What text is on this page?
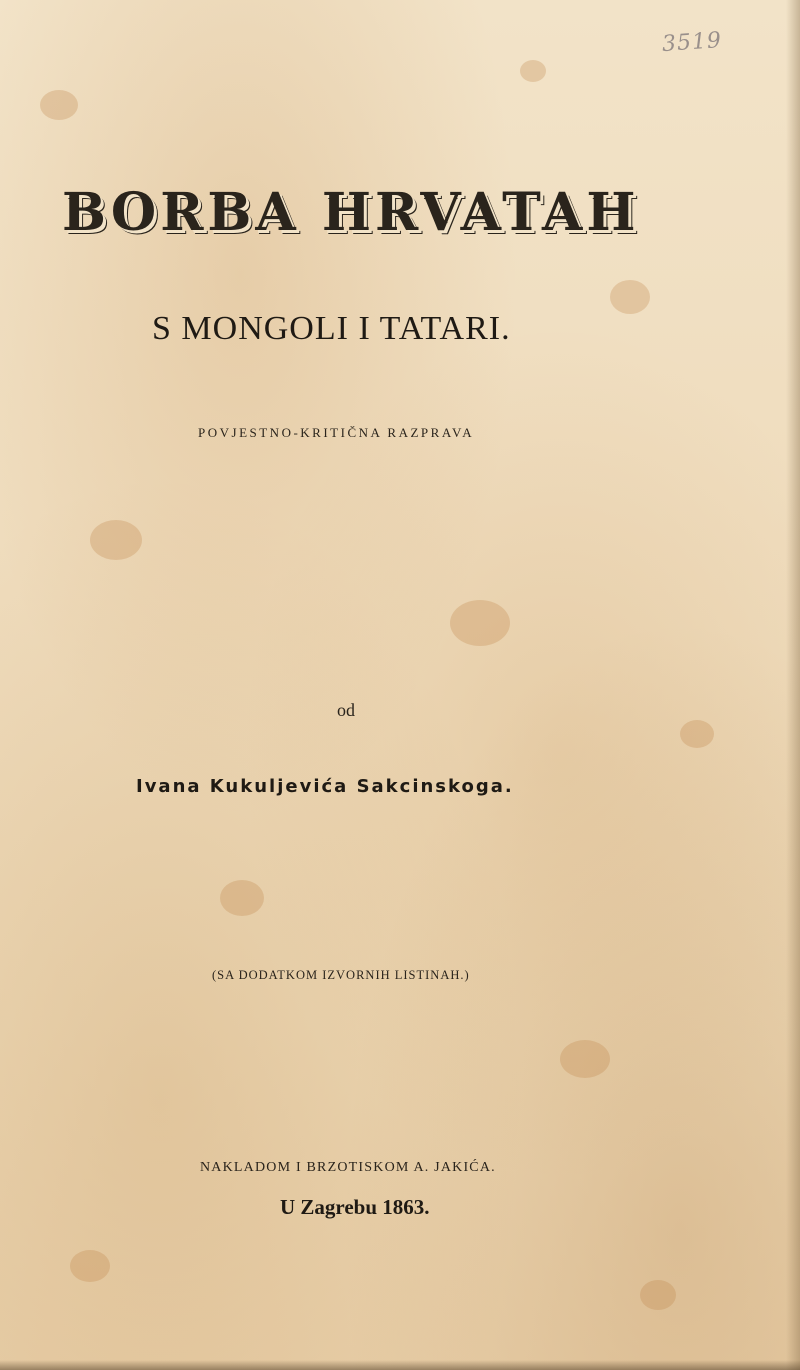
3519
BORBA HRVATAH
S MONGOLI I TATARI.
POVJESTNO-KRITIČNA RAZPRAVA
od
Ivana Kukuljevića Sakcinskoga.
(SA DODATKOM IZVORNIH LISTINAH.)
NAKLADOM I BRZOTISKOM A. JAKIĆA.
U Zagrebu 1863.
